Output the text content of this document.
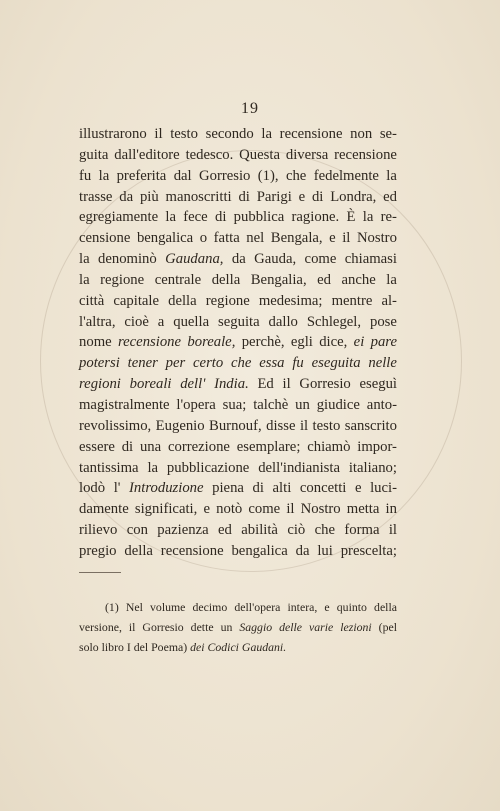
19
illustrarono il testo secondo la recensione non se-
guita dall'editore tedesco. Questa diversa recensione
fu la preferita dal Gorresio (1), che fedelmente la
trasse da più manoscritti di Parigi e di Londra, ed
egregiamente la fece di pubblica ragione. È la re-
censione bengalica o fatta nel Bengala, e il Nostro
la denominò Gaudana, da Gauda, come chiamasi
la regione centrale della Bengalia, ed anche la
città capitale della regione medesima; mentre al-
l'altra, cioè a quella seguita dallo Schlegel, pose
nome recensione boreale, perchè, egli dice, ei pare
potersi tener per certo che essa fu eseguita nelle
regioni boreali dell' India. Ed il Gorresio eseguì
magistralmente l'opera sua; talchè un giudice anto-
revolissimo, Eugenio Burnouf, disse il testo sanscrito
essere di una correzione esemplare; chiamò impor-
tantissima la pubblicazione dell'indianista italiano;
lodò l' Introduzione piena di alti concetti e luci-
damente significati, e notò come il Nostro metta in
rilievo con pazienza ed abilità ciò che forma il
pregio della recensione bengalica da lui prescelta;
(1) Nel volume decimo dell'opera intera, e quinto della
versione, il Gorresio dette un Saggio delle varie lezioni (pel
solo
libro
I
del
Poema)
dei
Codici
Gaudani.
